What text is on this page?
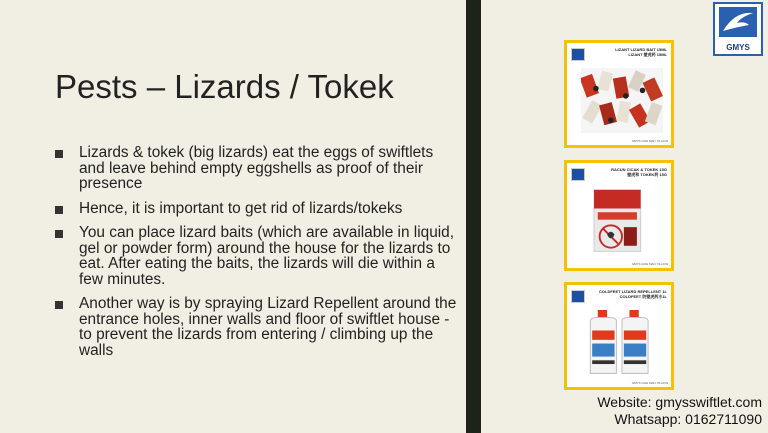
Pests – Lizards / Tokek
Lizards & tokek (big lizards) eat the eggs of swiftlets and leave behind empty eggshells as proof of their presence
Hence, it is important to get rid of lizards/tokeks
You can place lizard baits (which are available in liquid, gel or powder form) around the house for the lizards to eat. After eating the baits, the lizards will die within a few minutes.
Another way is by spraying Lizard Repellent around the entrance holes, inner walls and floor of swiftlet house - to prevent the lizards from entering / climbing up the walls
GMYS
LIZANT LIZARD BAIT 15ML
LIZANT 壁虎药 15ML
GMYS GOH MAN YILLION
RACUN CICAK & TOKEK 15G
壁虎和 TOKEK药 15G
GMYS GOH MAN YILLION
COLDFEET LIZARD REPELLENT 1L
COLDFEET 防壁虎药水1L
GMYS GOH MAN YILLION
Website: gmysswiftlet.com
Whatsapp: 0162711090
